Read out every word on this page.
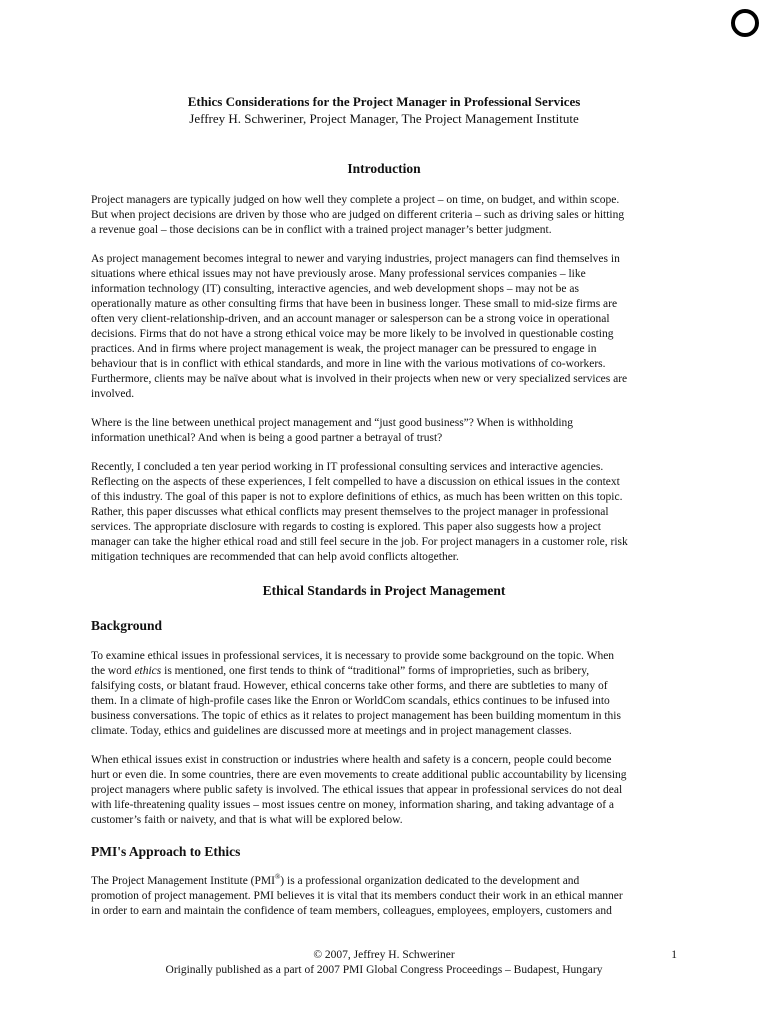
Ethics Considerations for the Project Manager in Professional Services
Jeffrey H. Schweriner, Project Manager, The Project Management Institute
Introduction
Project managers are typically judged on how well they complete a project – on time, on budget, and within scope.
But when project decisions are driven by those who are judged on different criteria – such as driving sales or hitting
a revenue goal – those decisions can be in conflict with a trained project manager’s better judgment.
As project management becomes integral to newer and varying industries, project managers can find themselves in
situations where ethical issues may not have previously arose. Many professional services companies – like
information technology (IT) consulting, interactive agencies, and web development shops – may not be as
operationally mature as other consulting firms that have been in business longer. These small to mid-size firms are
often very client-relationship-driven, and an account manager or salesperson can be a strong voice in operational
decisions. Firms that do not have a strong ethical voice may be more likely to be involved in questionable costing
practices. And in firms where project management is weak, the project manager can be pressured to engage in
behaviour that is in conflict with ethical standards, and more in line with the various motivations of co-workers.
Furthermore, clients may be naïve about what is involved in their projects when new or very specialized services are
involved.
Where is the line between unethical project management and “just good business”? When is withholding
information unethical? And when is being a good partner a betrayal of trust?
Recently, I concluded a ten year period working in IT professional consulting services and interactive agencies.
Reflecting on the aspects of these experiences, I felt compelled to have a discussion on ethical issues in the context
of this industry. The goal of this paper is not to explore definitions of ethics, as much has been written on this topic.
Rather, this paper discusses what ethical conflicts may present themselves to the project manager in professional
services. The appropriate disclosure with regards to costing is explored. This paper also suggests how a project
manager can take the higher ethical road and still feel secure in the job. For project managers in a customer role, risk
mitigation techniques are recommended that can help avoid conflicts altogether.
Ethical Standards in Project Management
Background
To examine ethical issues in professional services, it is necessary to provide some background on the topic. When
the word ethics is mentioned, one first tends to think of “traditional” forms of improprieties, such as bribery,
falsifying costs, or blatant fraud. However, ethical concerns take other forms, and there are subtleties to many of
them. In a climate of high-profile cases like the Enron or WorldCom scandals, ethics continues to be infused into
business conversations. The topic of ethics as it relates to project management has been building momentum in this
climate. Today, ethics and guidelines are discussed more at meetings and in project management classes.
When ethical issues exist in construction or industries where health and safety is a concern, people could become
hurt or even die. In some countries, there are even movements to create additional public accountability by licensing
project managers where public safety is involved. The ethical issues that appear in professional services do not deal
with life-threatening quality issues – most issues centre on money, information sharing, and taking advantage of a
customer’s faith or naivety, and that is what will be explored below.
PMI's Approach to Ethics
The Project Management Institute (PMI®) is a professional organization dedicated to the development and
promotion of project management. PMI believes it is vital that its members conduct their work in an ethical manner
in order to earn and maintain the confidence of team members, colleagues, employees, employers, customers and
© 2007, Jeffrey H. Schweriner	1
Originally published as a part of 2007 PMI Global Congress Proceedings – Budapest, Hungary
